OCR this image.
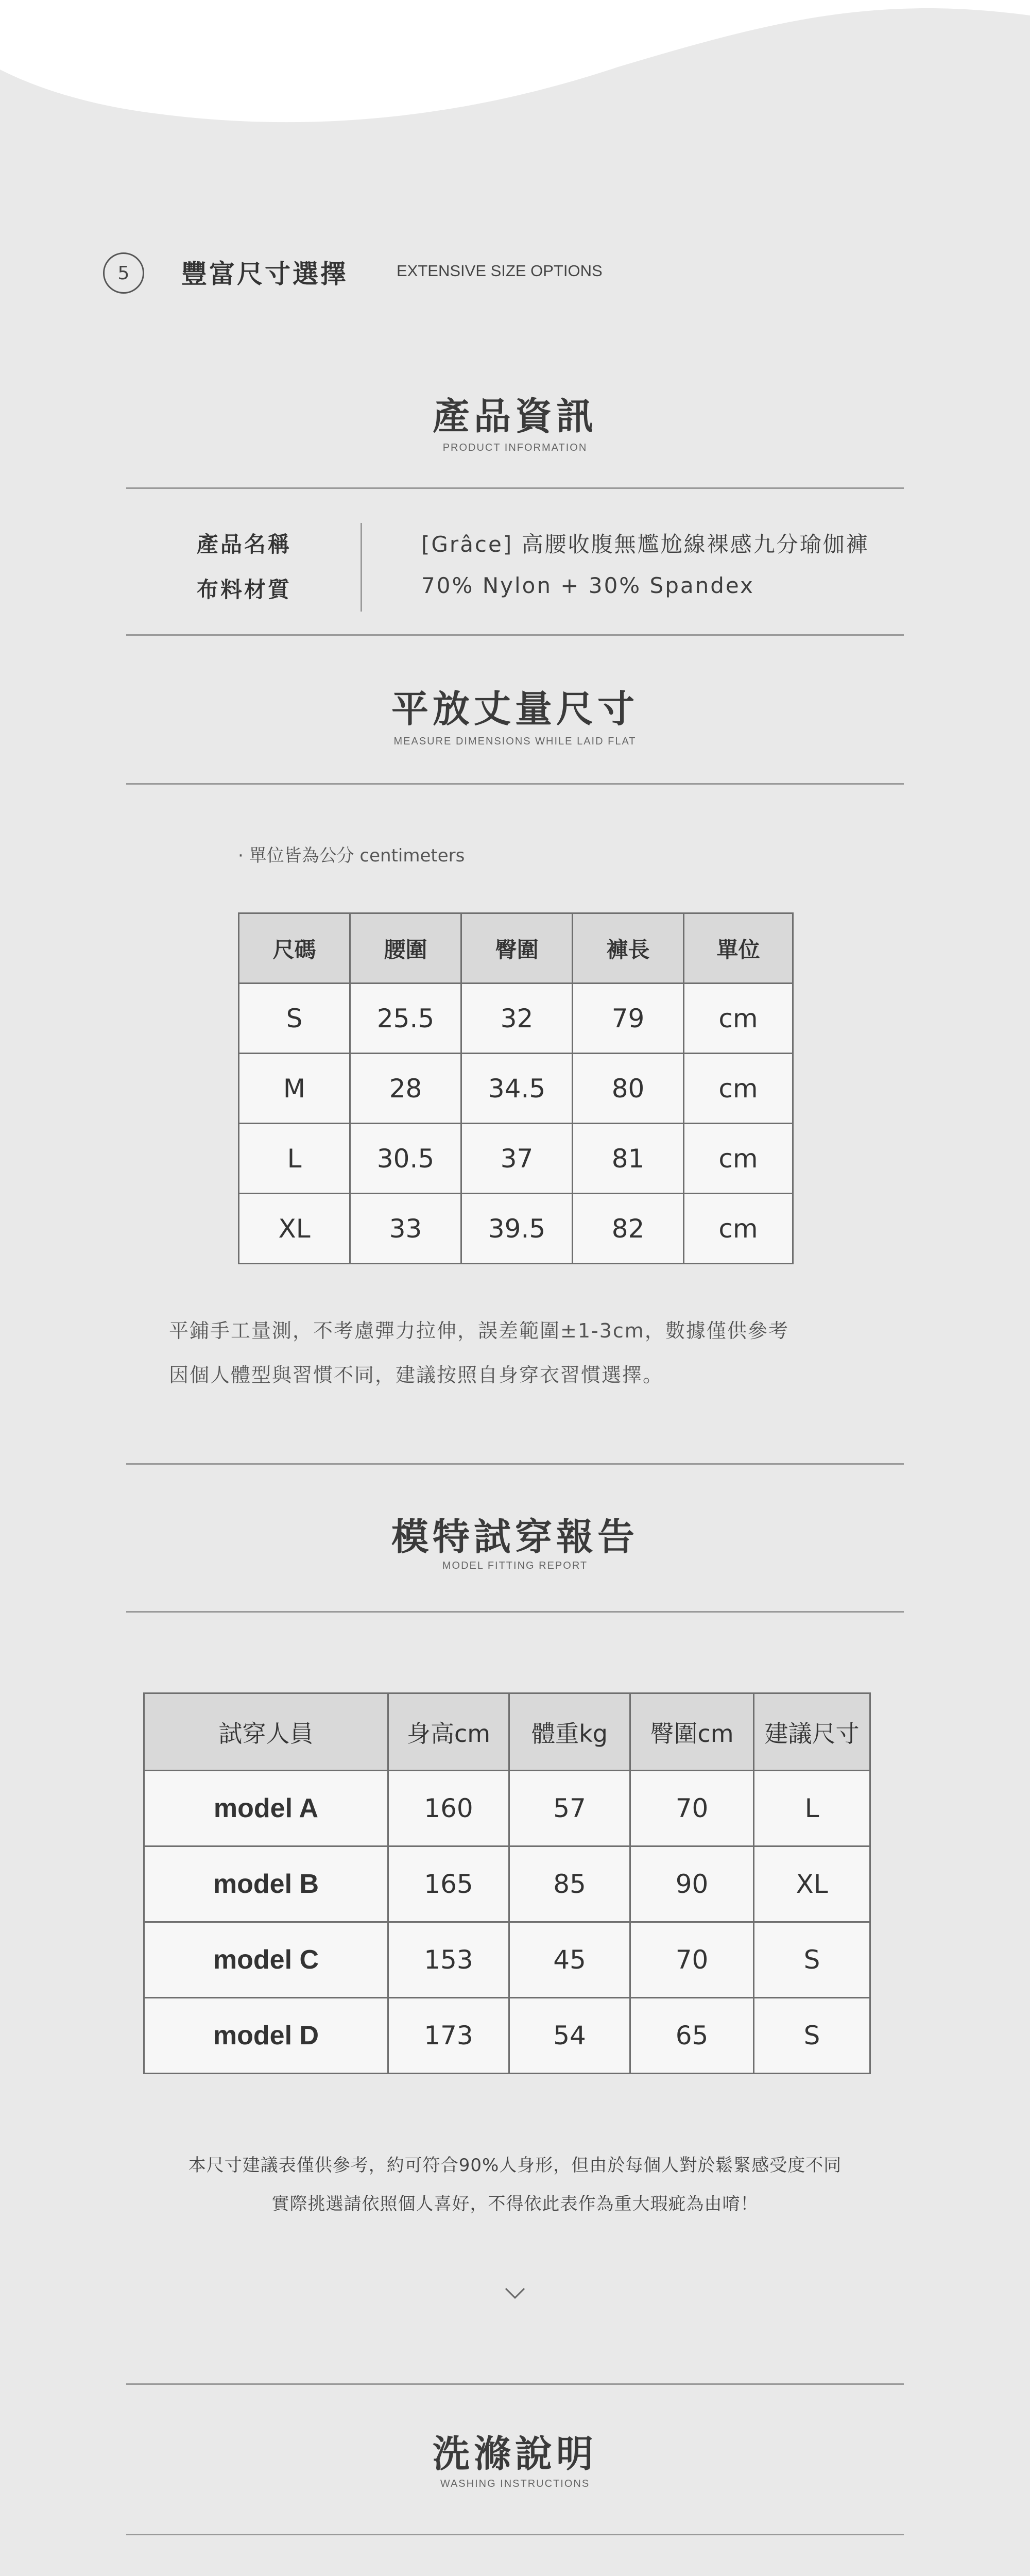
5 豐富尺寸選擇	EXTENSIVE SIZE OPTIONS
產品資訊
PRODUCT INFORMATION
產品名稱	[Grâce] 高腰收腹無尷尬線裸感九分瑜伽褲
布料材質	70% Nylon + 30% Spandex
平放丈量尺寸
MEASURE DIMENSIONS WHILE LAID FLAT
· 單位皆為公分 centimeters
尺碼	腰圍	臀圍	褲長	單位
S	25.5	32	79	cm
M	28	34.5	80	cm
L	30.5	37	81	cm
XL	33	39.5	82	cm
平鋪手工量測，不考慮彈力拉伸，誤差範圍±1-3cm，數據僅供參考
因個人體型與習慣不同，建議按照自身穿衣習慣選擇。
模特試穿報告
MODEL FITTING REPORT
試穿人員	身高cm	體重kg	臀圍cm	建議尺寸
model A	160	57	70	L
model B	165	85	90	XL
model C	153	45	70	S
model D	173	54	65	S
本尺寸建議表僅供參考，約可符合90%人身形，但由於每個人對於鬆緊感受度不同
實際挑選請依照個人喜好，不得依此表作為重大瑕疵為由唷！
洗滌說明
WASHING INSTRUCTIONS
